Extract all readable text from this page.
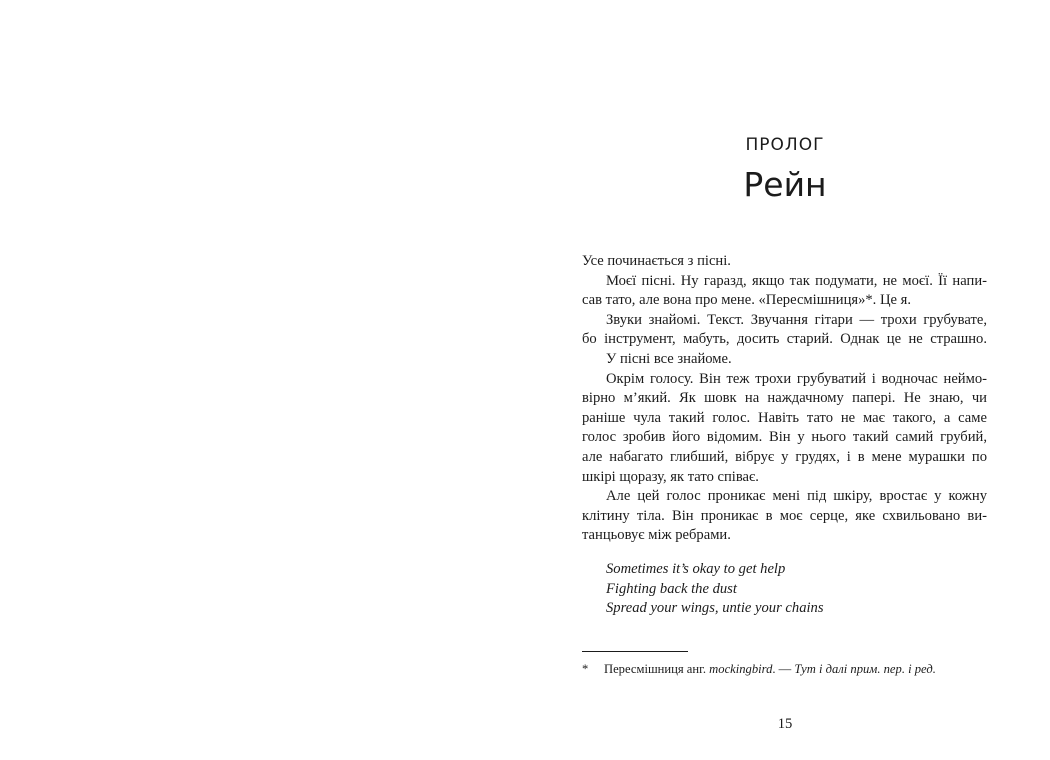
ПРОЛОГ
Рейн
Усе починається з пісні.
Моєї пісні. Ну гаразд, якщо так подумати, не моєї. Її напи-
сав тато, але вона про мене. «Пересмішниця»*. Це я.
Звуки знайомі. Текст. Звучання гітари — трохи грубувате,
бо інструмент, мабуть, досить старий. Однак це не страшно.
У пісні все знайоме.
Окрім голосу. Він теж трохи грубуватий і водночас неймо-
вірно м’який. Як шовк на наждачному папері. Не знаю, чи
раніше чула такий голос. Навіть тато не має такого, а саме
голос зробив його відомим. Він у нього такий самий грубий,
але набагато глибший, вібрує у грудях, і в мене мурашки по
шкірі щоразу, як тато співає.
Але цей голос проникає мені під шкіру, вростає у кожну
клітину тіла. Він проникає в моє серце, яке схвильовано ви-
танцьовує між ребрами.
Sometimes it’s okay to get help
Fighting back the dust
Spread your wings, untie your chains
* Пересмішниця анг. mockingbird. — Тут і далі прим. пер. і ред.
15
